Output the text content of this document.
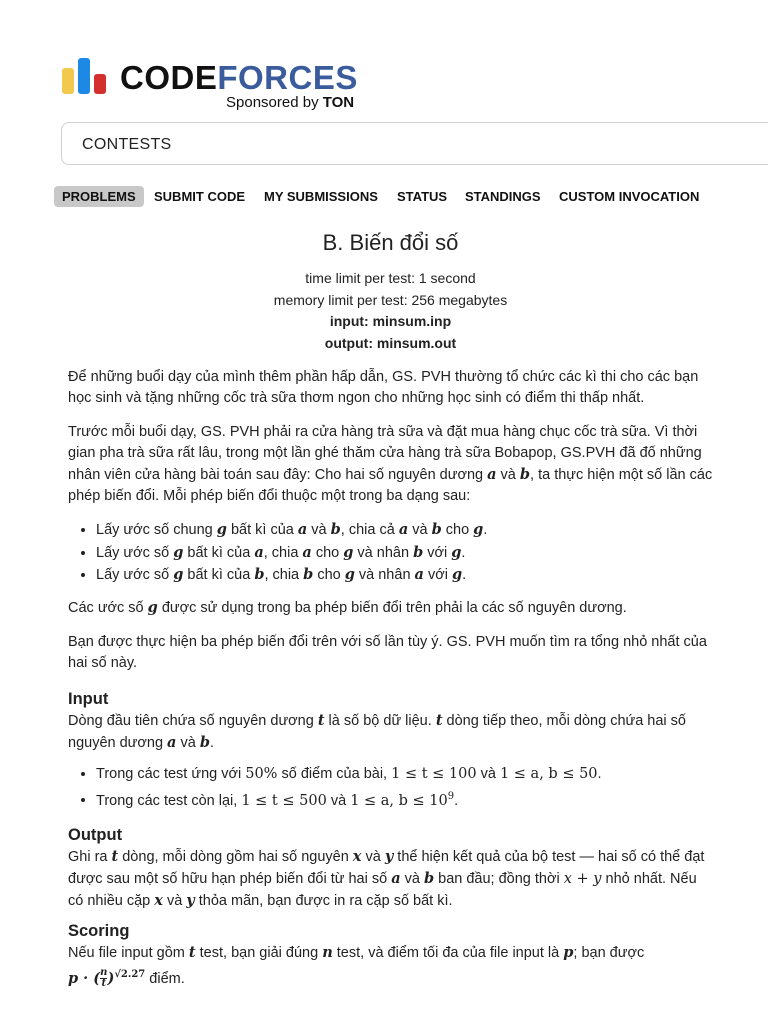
CODEFORCES
Sponsored by TON
CONTESTS
PROBLEMS	SUBMIT CODE MY SUBMISSIONS STATUS STANDINGS CUSTOM INVOCATION
B. Biến đổi số
time limit per test: 1 second
memory limit per test: 256 megabytes
input: minsum.inp
output: minsum.out

Để những buổi dạy của mình thêm phần hấp dẫn, GS. PVH thường tổ chức các kì thi cho các bạn học sinh và tặng những cốc trà sữa thơm ngon cho những học sinh có điểm thi thấp nhất.

Trước mỗi buổi dạy, GS. PVH phải ra cửa hàng trà sữa và đặt mua hàng chục cốc trà sữa. Vì thời gian pha trà sữa rất lâu, trong một lần ghé thăm cửa hàng trà sữa Bobapop, GS.PVH đã đố những nhân viên cửa hàng bài toán sau đây: Cho hai số nguyên dương a và b, ta thực hiện một số lần các phép biến đổi. Mỗi phép biến đổi thuộc một trong ba dạng sau:

• Lấy ước số chung g bất kì của a và b, chia cả a và b cho g.
• Lấy ước số g bất kì của a, chia a cho g và nhân b với g.
• Lấy ước số g bất kì của b, chia b cho g và nhân a với g.

Các ước số g được sử dụng trong ba phép biến đổi trên phải la các số nguyên dương.

Bạn được thực hiện ba phép biến đổi trên với số lần tùy ý. GS. PVH muốn tìm ra tổng nhỏ nhất của hai số này.

Input

Dòng đầu tiên chứa số nguyên dương t là số bộ dữ liệu. t dòng tiếp theo, mỗi dòng chứa hai số nguyên dương a và b.

• Trong các test ứng với 50% số điểm của bài, 1 ≤ t ≤ 100 và 1 ≤ a, b ≤ 50.
• Trong các test còn lại, 1 ≤ t ≤ 500 và 1 ≤ a, $b \le 10^9$.
Output

Ghi ra t dòng, mỗi dòng gồm hai số nguyên x và y thể hiện kết quả của bộ test — hai số có thể đạt được sau một số hữu hạn phép biến đổi từ hai số a và b ban đầu; đồng thời x + y nhỏ nhất. Nếu có nhiều cặp x và y thỏa mãn, bạn được in ra cặp số bất kì.

Scoring

Nếu file input gồm t test, bạn giải đúng n test, và điểm tối đa của file input là p; bạn được
p · ( $\frac{n}{t} )^{√2.27}$ điểm.
